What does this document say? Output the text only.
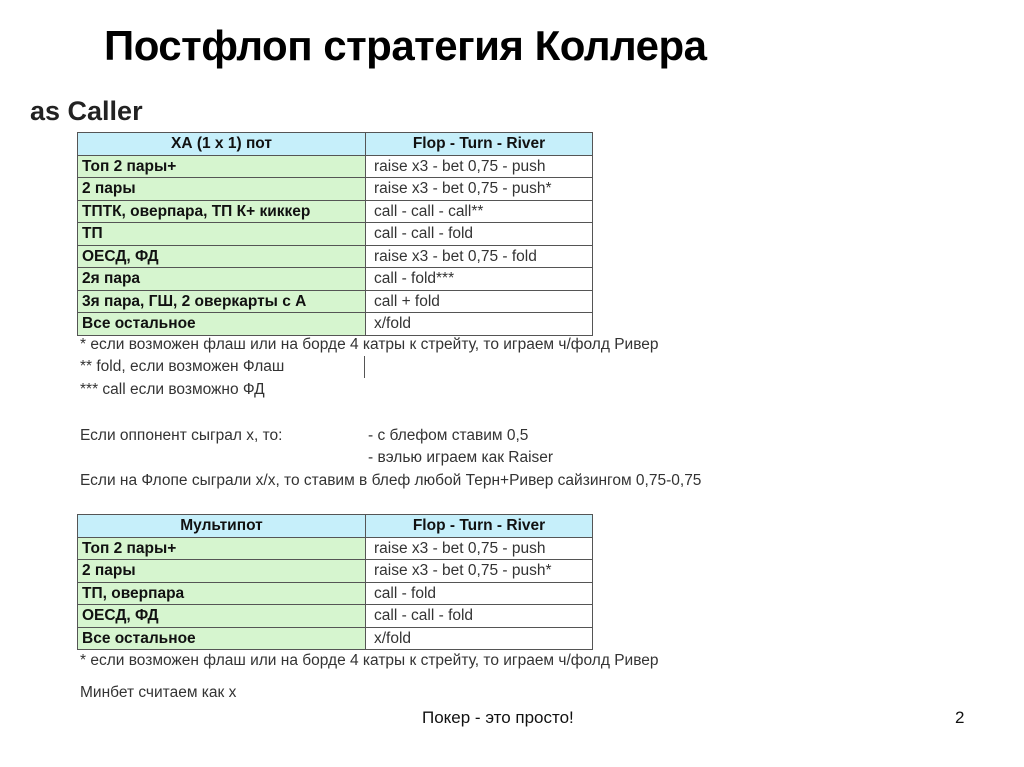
Постфлоп стратегия Коллера
as Caller
ХА (1 х 1) пот	Flop - Turn - River
Топ 2 пары+	raise x3 - bet 0,75 - push
2 пары	raise x3 - bet 0,75 - push*
ТПТК, оверпара, ТП К+ киккер	call - call - call**
ТП	call - call - fold
ОЕСД, ФД	raise x3 - bet 0,75 - fold
2я пара	call - fold***
3я пара, ГШ, 2 оверкарты с А	call + fold
Все остальное	x/fold
* если возможен флаш или на борде 4 катры к стрейту, то играем ч/фолд Ривер
** fold, если возможен Флаш
*** call если возможно ФД
Если оппонент сыграл х, то:	- с блефом ставим 0,5
- вэлью играем как Raiser
Если на Флопе сыграли х/х, то ставим в блеф любой Терн+Ривер сайзингом 0,75-0,75
Мультипот	Flop - Turn - River
Топ 2 пары+	raise x3 - bet 0,75 - push
2 пары	raise x3 - bet 0,75 - push*
ТП, оверпара	call - fold
ОЕСД, ФД	call - call - fold
Все остальное	x/fold
* если возможен флаш или на борде 4 катры к стрейту, то играем ч/фолд Ривер
Минбет считаем как х
Покер - это просто!	2
